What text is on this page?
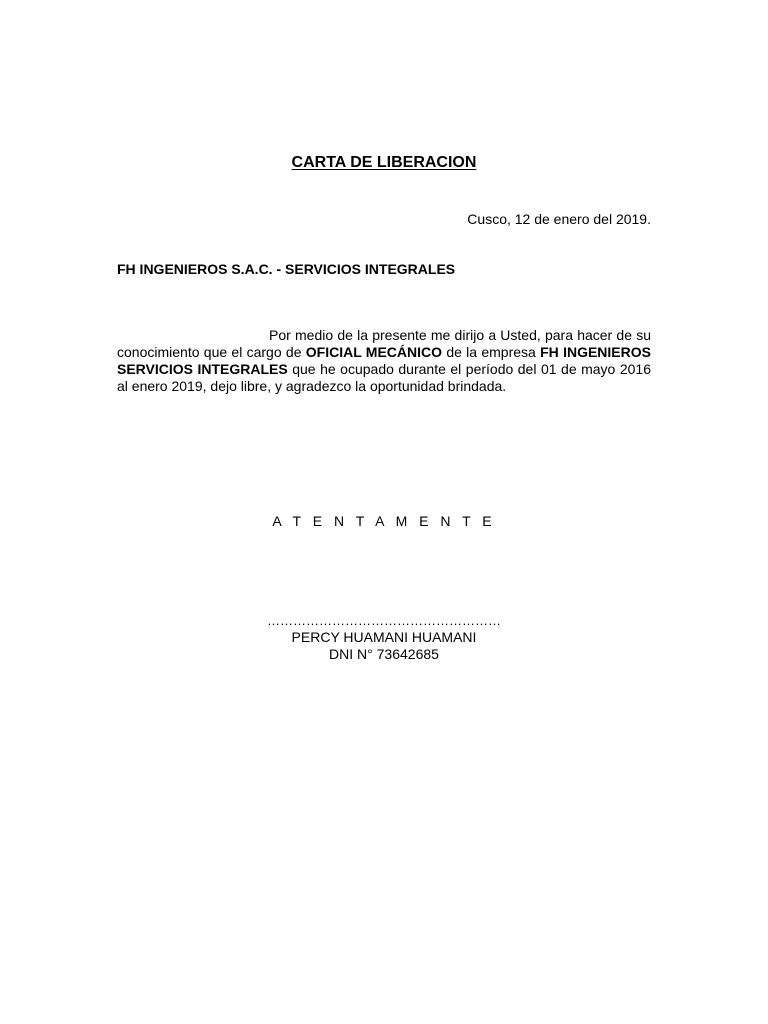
CARTA DE LIBERACION

Cusco, 12 de enero del 2019.

FH INGENIEROS S.A.C. - SERVICIOS INTEGRALES

Por medio de la presente me dirijo a Usted, para hacer de su conocimiento que el cargo de OFICIAL MECÁNICO de la empresa FH INGENIEROS SERVICIOS INTEGRALES que he ocupado durante el período del 01 de mayo 2016 al enero 2019, dejo libre, y agradezco la oportunidad brindada.

A T E N T A M E N T E

………………………………………………
PERCY HUAMANI HUAMANI
DNI N° 73642685
